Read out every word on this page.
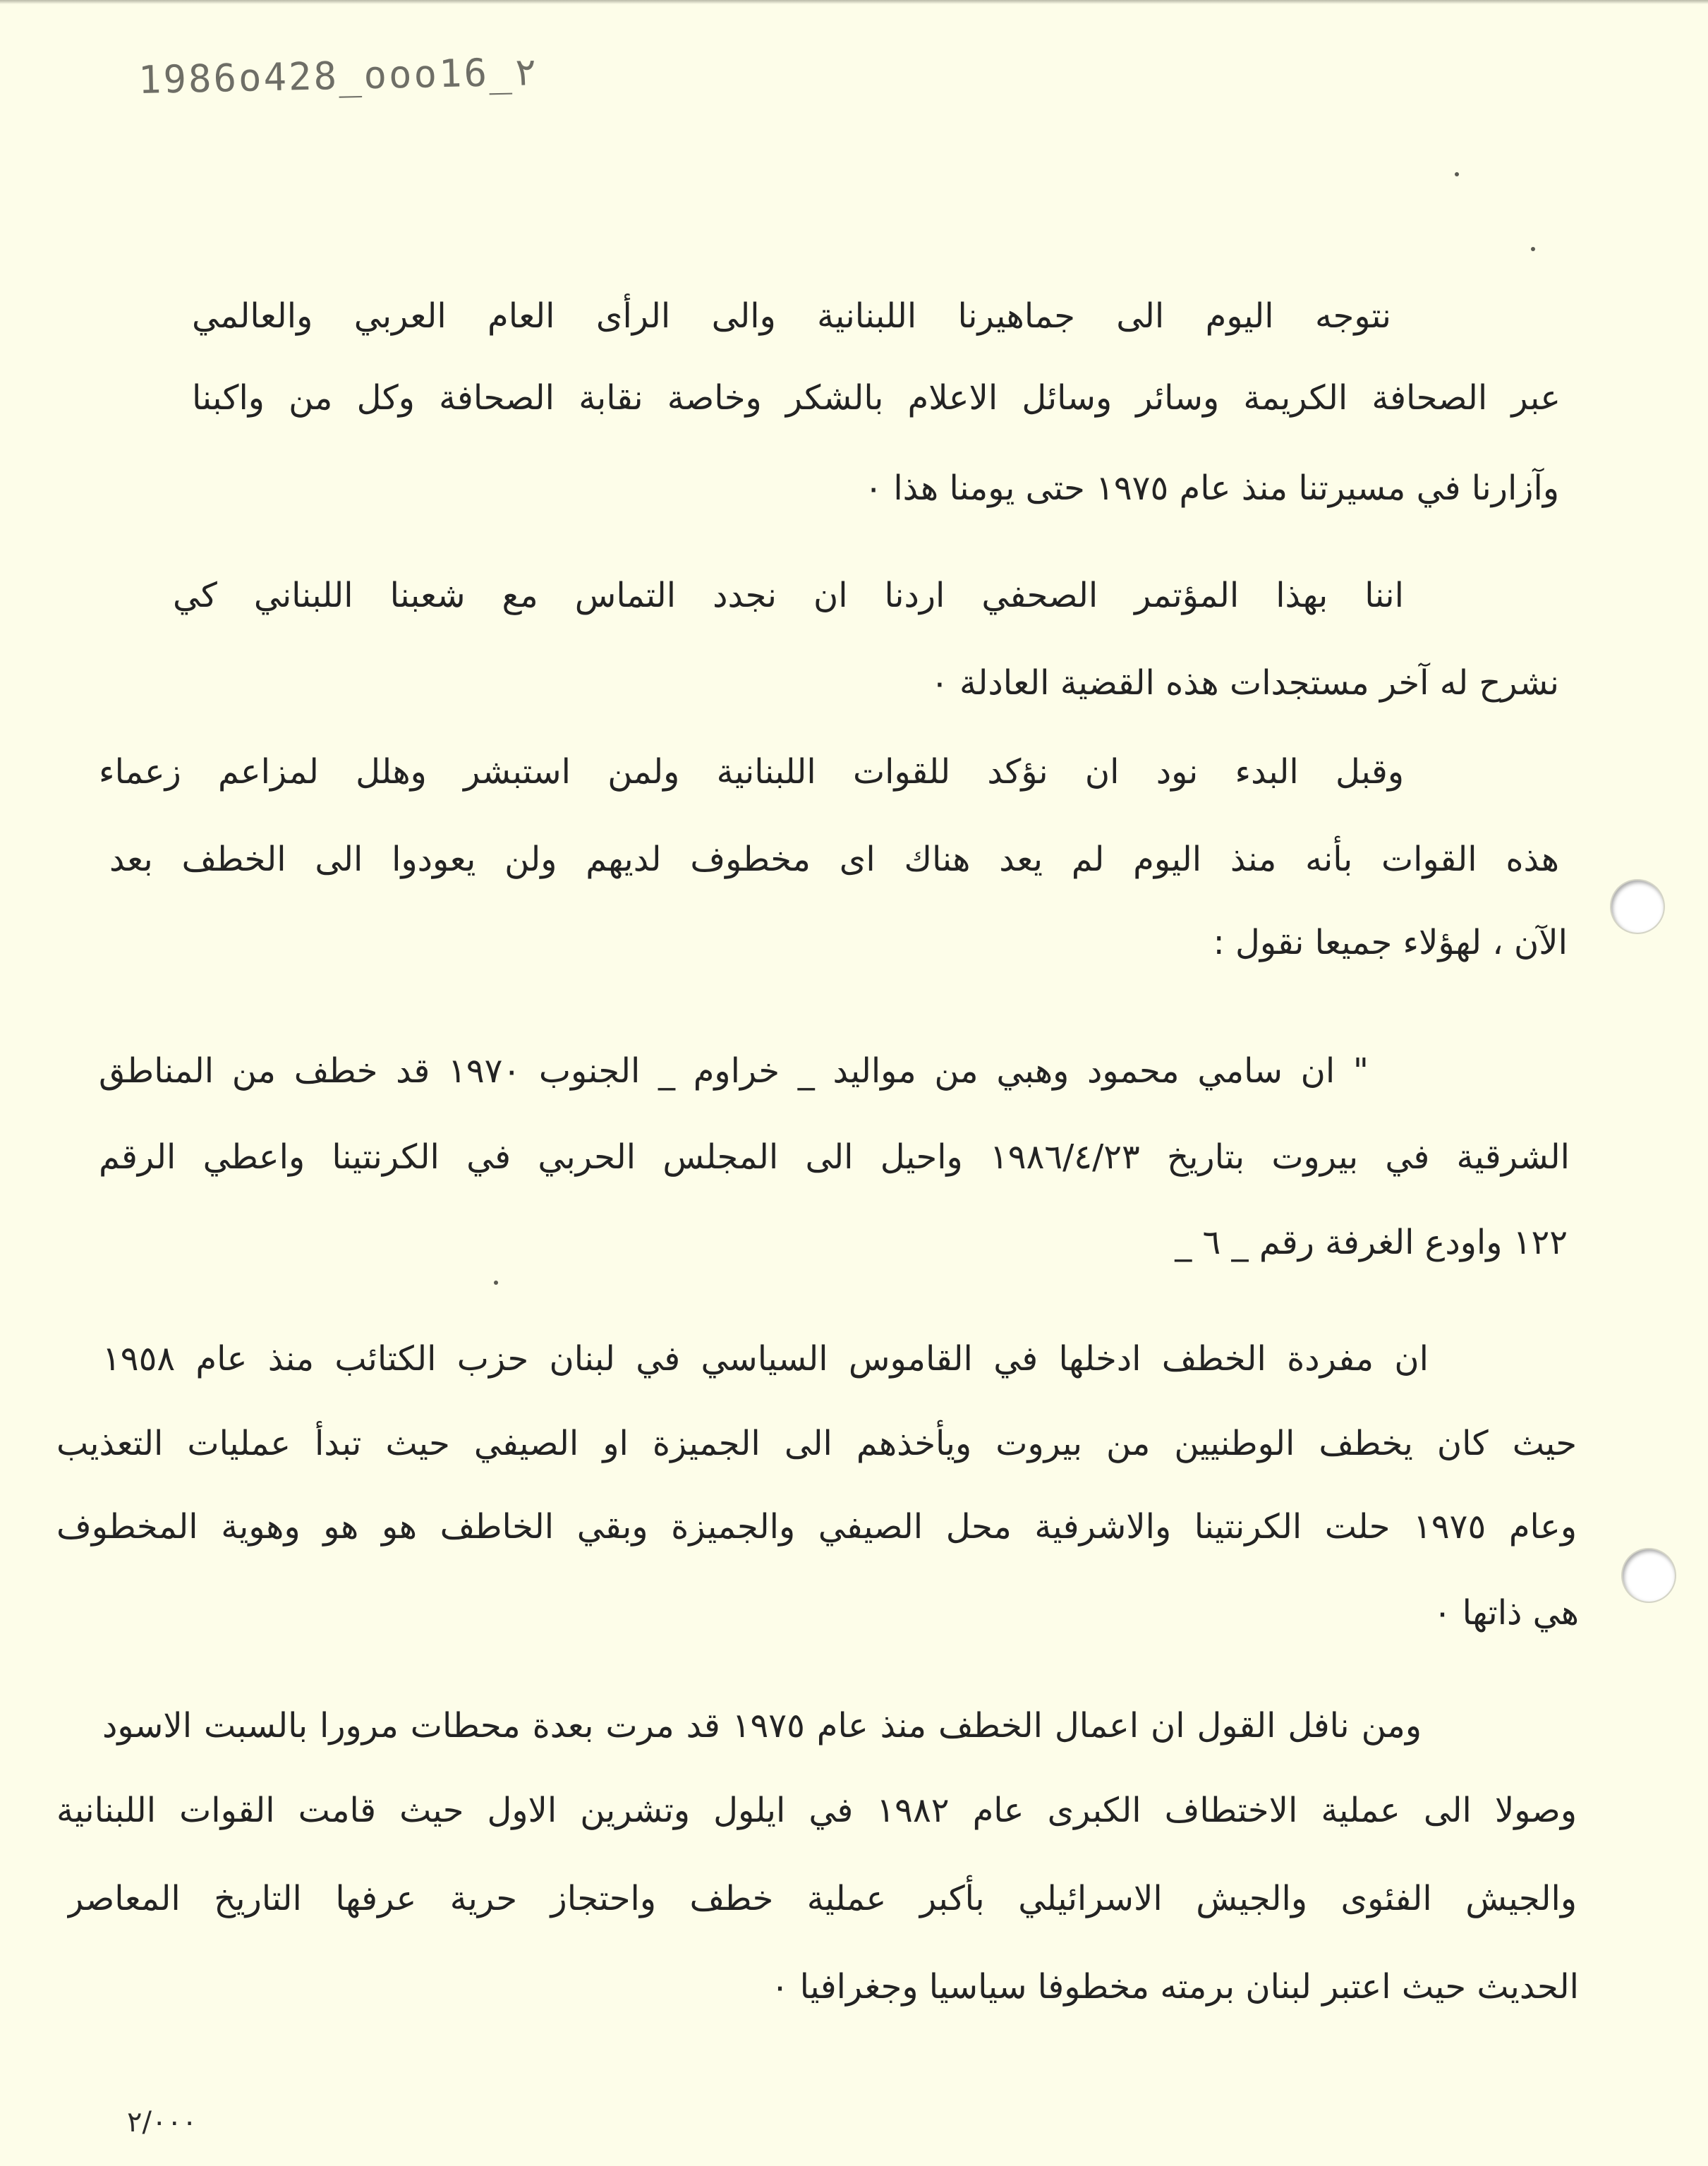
1986o428_ooo16_٢
نتوجه اليوم الى جماهيرنا اللبنانية والى الرأى العام العربي والعالمي
عبر الصحافة الكريمة وسائر وسائل الاعلام بالشكر وخاصة نقابة الصحافة وكل من واكبنا
وآزارنا في مسيرتنا منذ عام ١٩٧٥ حتى يومنا هذا ٠
اننا بهذا المؤتمر الصحفي اردنا ان نجدد التماس مع شعبنا اللبناني كي
نشرح له آخر مستجدات هذه القضية العادلة ٠
وقبل البدء نود ان نؤكد للقوات اللبنانية ولمن استبشر وهلل لمزاعم زعماء
هذه القوات بأنه منذ اليوم لم يعد هناك اى مخطوف لديهم ولن يعودوا الى الخطف بعد
الآن ، لهؤلاء جميعا نقول :
" ان سامي محمود وهبي من مواليد _ خراوم _ الجنوب ١٩٧٠ قد خطف من المناطق
الشرقية في بيروت بتاريخ ١٩٨٦/٤/٢٣ واحيل الى المجلس الحربي في الكرنتينا واعطي الرقم
١٢٢ واودع الغرفة رقم _ ٦ _
ان مفردة الخطف ادخلها في القاموس السياسي في لبنان حزب الكتائب منذ عام ١٩٥٨
حيث كان يخطف الوطنيين من بيروت ويأخذهم الى الجميزة او الصيفي حيث تبدأ عمليات التعذيب
وعام ١٩٧٥ حلت الكرنتينا والاشرفية محل الصيفي والجميزة وبقي الخاطف هو هو وهوية المخطوف
هي ذاتها ٠
ومن نافل القول ان اعمال الخطف منذ عام ١٩٧٥ قد مرت بعدة محطات مرورا بالسبت الاسود
وصولا الى عملية الاختطاف الكبرى عام ١٩٨٢ في ايلول وتشرين الاول حيث قامت القوات اللبنانية
والجيش الفئوى والجيش الاسرائيلي بأكبر عملية خطف واحتجاز حرية عرفها التاريخ المعاصر
الحديث حيث اعتبر لبنان برمته مخطوفا سياسيا وجغرافيا ٠
٢/٠٠٠
